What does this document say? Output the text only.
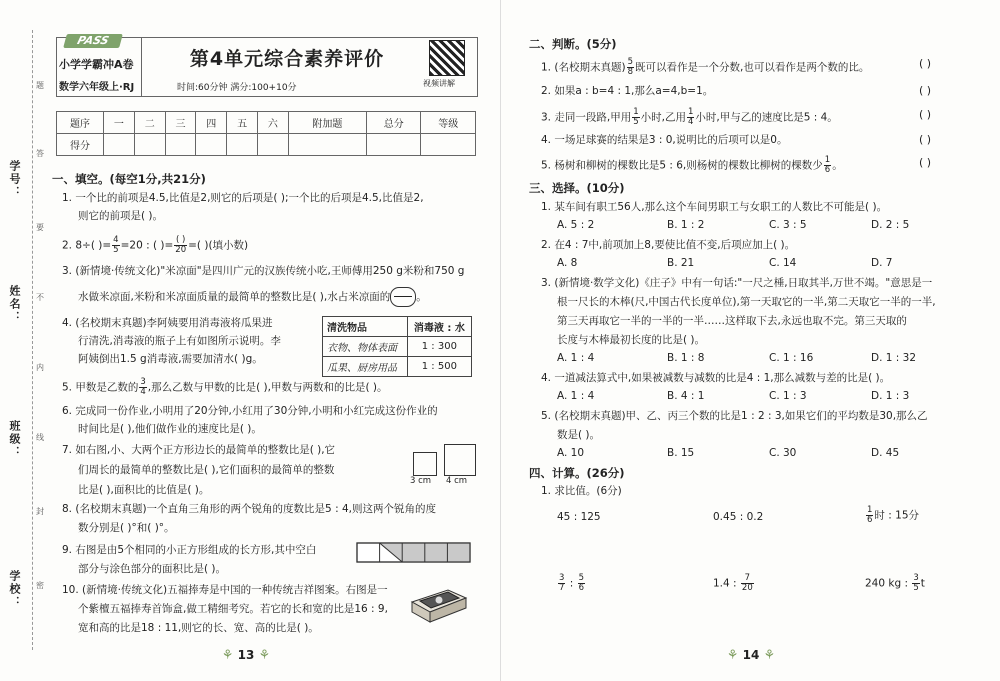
学号：
姓名：
班级：
学校：
题
答
要
不
内
线
封
密
PASS
小学学霸冲A卷
数学六年级上·RJ
第4单元综合素养评价
时间:60分钟 满分:100+10分	视频讲解
题序	一	二	三	四	五	六	附加题	总分	等级
得分									
一、填空。(每空1分,共21分)
1. 一个比的前项是4.5,比值是2,则它的后项是( );一个比的后项是4.5,比值是2,
则它的前项是( )。
2. 8÷( )= $\frac{4}{5} =20$ : ( )= $\frac{( )}{20}$ =( )(填小数)
3. (新情境·传统文化)"米凉面"是四川广元的汉族传统小吃,王师傅用250 g米粉和750 g
水做米凉面,米粉和米凉面质量的最简单的整数比是( ),水占米凉面的 。
4. (名校期末真题)李阿姨要用消毒液将瓜果进
行清洗,消毒液的瓶子上有如图所示说明。李
阿姨倒出1.5 g消毒液,需要加清水( )g。
清洗物品	消毒液 : 水
衣物、物体表面	1 : 300
瓜果、厨房用品	1 : 500
5. 甲数是乙数的 $\frac{3}{4}$ ,那么乙数与甲数的比是( ),甲数与两数和的比是( )。
6. 完成同一份作业,小明用了20分钟,小红用了30分钟,小明和小红完成这份作业的
时间比是( ),他们做作业的速度比是( )。
7. 如右图,小、大两个正方形边长的最简单的整数比是( ),它
们周长的最简单的整数比是( ),它们面积的最简单的整数
比是( ),面积比的比值是( )。
3 cm 4 cm
8. (名校期末真题)一个直角三角形的两个锐角的度数比是5 : 4,则这两个锐角的度
数分别是( )°和( )°。
9. 右图是由5个相同的小正方形组成的长方形,其中空白
部分与涂色部分的面积比是( )。
10. (新情境·传统文化)五福捧寿是中国的一种传统吉祥图案。右图是一
个紫檀五福捧寿首饰盒,做工精细考究。若它的长和宽的比是16 : 9,
宽和高的比是18 : 11,则它的长、宽、高的比是( )。
⚘ 13 ⚘
二、判断。(5分)
1. (名校期末真题) $\frac{5}{8}$ 既可以看作是一个分数,也可以看作是两个数的比。	( )
2. 如果a : b=4 : 1,那么a=4,b=1。	( )
3. 走同一段路,甲用 $\frac{1}{5}$ 小时,乙用 $\frac{1}{4}$ 小时,甲与乙的速度比是5 : 4。	( )
4. 一场足球赛的结果是3 : 0,说明比的后项可以是0。	( )
5. 杨树和柳树的棵数比是5 : 6,则杨树的棵数比柳树的棵数少 $\frac{1}{6}$ 。	( )
三、选择。(10分)
1. 某车间有职工56人,那么这个车间男职工与女职工的人数比不可能是( )。
A. 5 : 2	B. 1 : 2	C. 3 : 5	D. 2 : 5
2. 在4 : 7中,前项加上8,要使比值不变,后项应加上( )。
A. 8	B. 21	C. 14	D. 7
3. (新情境·数学文化)《庄子》中有一句话:"一尺之棰,日取其半,万世不竭。"意思是一
根一尺长的木棒(尺,中国古代长度单位),第一天取它的一半,第二天取它一半的一半,
第三天再取它一半的一半的一半……这样取下去,永远也取不完。第三天取的
长度与木棒最初长度的比是( )。
A. 1 : 4	B. 1 : 8	C. 1 : 16	D. 1 : 32
4. 一道减法算式中,如果被减数与减数的比是4 : 1,那么减数与差的比是( )。
A. 1 : 4	B. 4 : 1	C. 1 : 3	D. 1 : 3
5. (名校期末真题)甲、乙、丙三个数的比是1 : 2 : 3,如果它们的平均数是30,那么乙
数是( )。
A. 10	B. 15	C. 30	D. 45
四、计算。(26分)
1. 求比值。(6分)
45 : 125	0.45 : 0.2	$\frac{1}{6}$ 时 : 15分
$\frac{3}{7}$ : $\frac{5}{6}$	1.4 : $\frac{7}{20}$	240 kg : $\frac{3}{5}$ t
⚘ 14 ⚘
